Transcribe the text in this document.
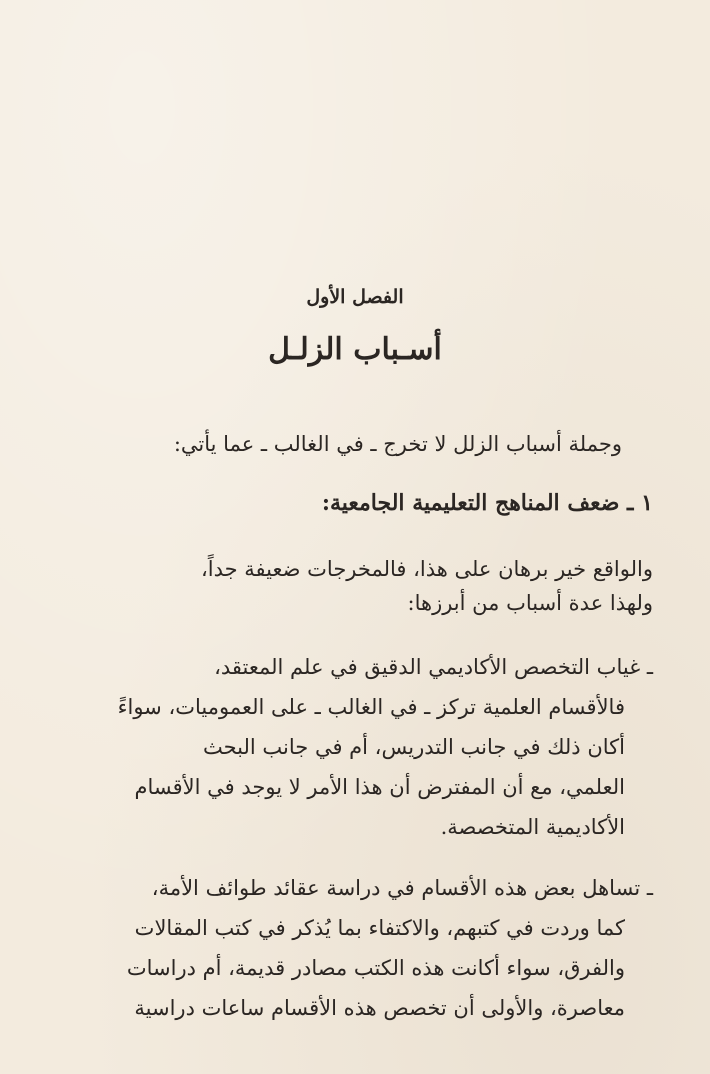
الفصل الأول
أسـباب الزلـل
وجملة أسباب الزلل لا تخرج ـ في الغالب ـ عما يأتي:
١ ـ ضعف المناهج التعليمية الجامعية:
والواقع خير برهان على هذا، فالمخرجات ضعيفة جداً،
ولهذا عدة أسباب من أبرزها:
ـ غياب التخصص الأكاديمي الدقيق في علم المعتقد،
فالأقسام العلمية تركز ـ في الغالب ـ على العموميات، سواءً
أكان ذلك في جانب التدريس، أم في جانب البحث
العلمي، مع أن المفترض أن هذا الأمر لا يوجد في الأقسام
الأكاديمية المتخصصة.
ـ تساهل بعض هذه الأقسام في دراسة عقائد طوائف الأمة،
كما وردت في كتبهم، والاكتفاء بما يُذكر في كتب المقالات
والفرق، سواء أكانت هذه الكتب مصادر قديمة، أم دراسات
معاصرة، والأولى أن تخصص هذه الأقسام ساعات دراسية
